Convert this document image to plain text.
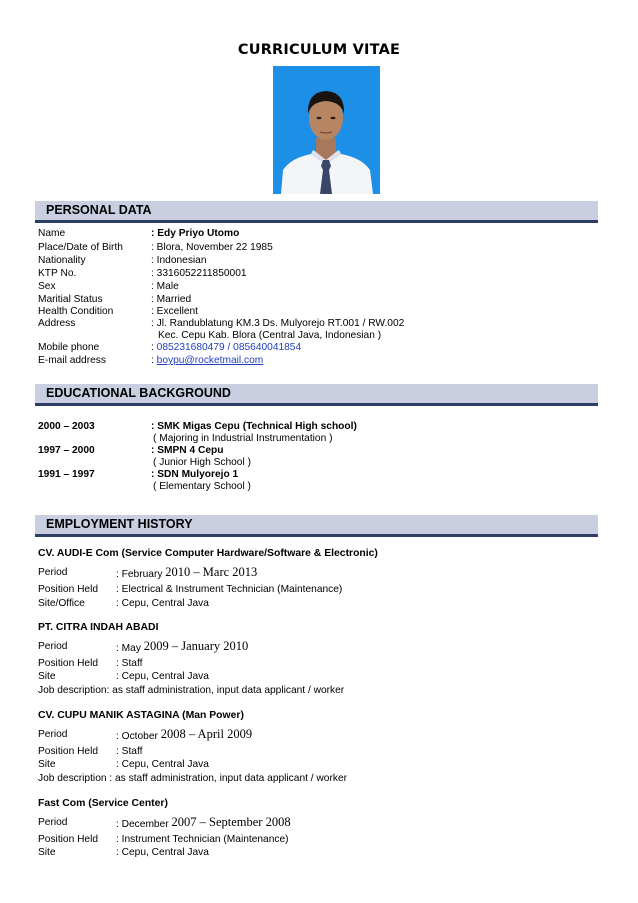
CURRICULUM VITAE
PERSONAL DATA
Name	: Edy Priyo Utomo
Place/Date of Birth	: Blora, November 22 1985
Nationality	: Indonesian
KTP No.	: 3316052211850001
Sex	: Male
Maritial Status	: Married
Health Condition	: Excellent
Address	: Jl. Randublatung KM.3 Ds. Mulyorejo RT.001 / RW.002
Kec. Cepu Kab. Blora (Central Java, Indonesian )
Mobile phone	: 085231680479 / 085640041854
E-mail address	: boypu@rocketmail.com
EDUCATIONAL BACKGROUND
2000 – 2003	: SMK Migas Cepu (Technical High school)
( Majoring in Industrial Instrumentation )
1997 – 2000	: SMPN 4 Cepu
( Junior High School )
1991 – 1997	: SDN Mulyorejo 1
( Elementary School )
EMPLOYMENT HISTORY
CV. AUDI-E Com (Service Computer Hardware/Software & Electronic)
Period	: February 2010 – Marc 2013
Position Held : Electrical & Instrument Technician (Maintenance)
Site/Office	: Cepu, Central Java
PT. CITRA INDAH ABADI
Period	: May 2009 – January 2010
Position Held : Staff
Site	: Cepu, Central Java
Job description: as staff administration, input data applicant / worker
CV. CUPU MANIK ASTAGINA (Man Power)
Period	: October 2008 – April 2009
Position Held : Staff
Site	: Cepu, Central Java
Job description : as staff administration, input data applicant / worker
Fast Com (Service Center)
Period	: December 2007 – September 2008
Position Held : Instrument Technician (Maintenance)
Site	: Cepu, Central Java
